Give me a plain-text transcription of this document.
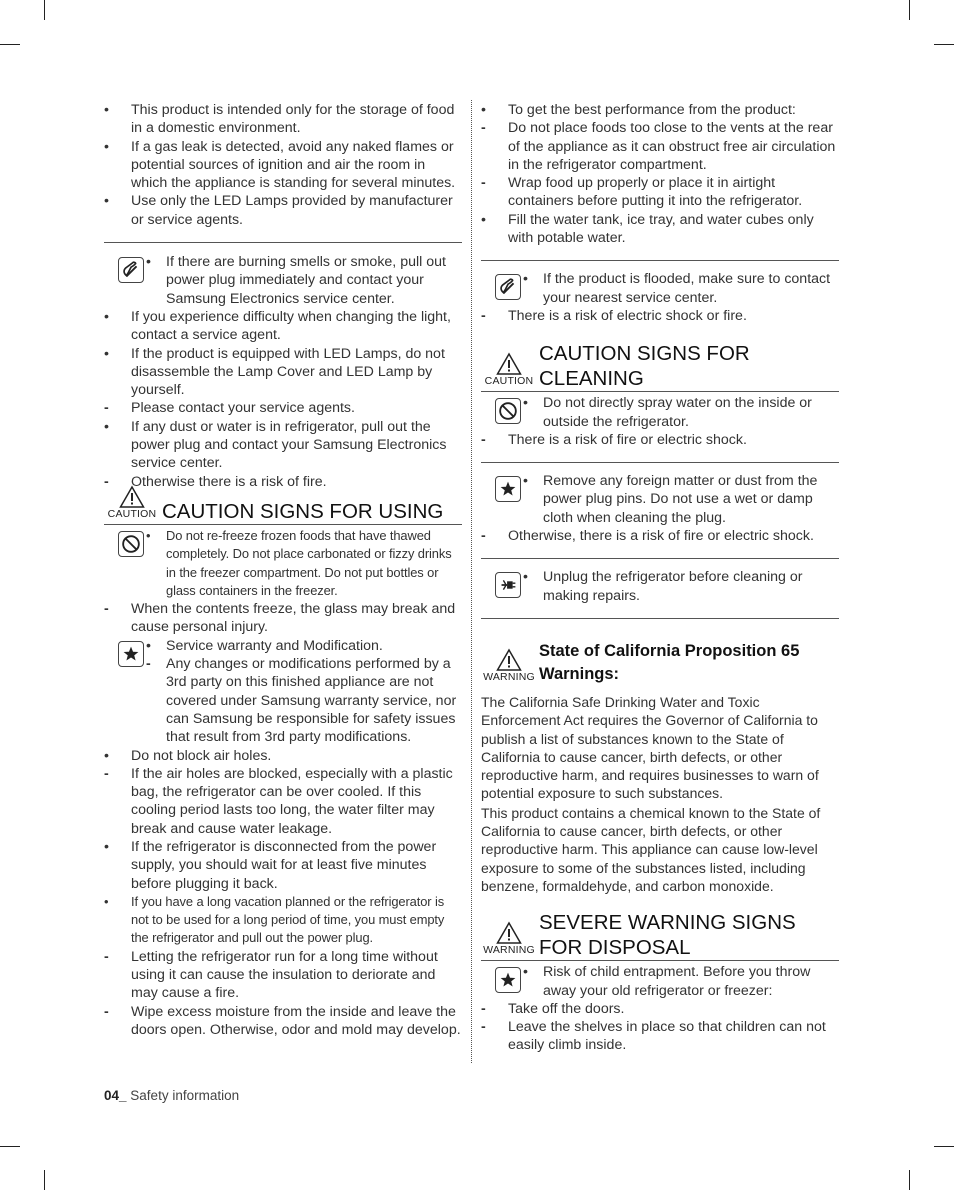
•	This product is intended only for the storage of food in a domestic environment.
•	If a gas leak is detected, avoid any naked flames or potential sources of ignition and air the room in which the appliance is standing for several minutes.
•	Use only the LED Lamps provided by manufacturer or service agents.
•	If there are burning smells or smoke, pull out power plug immediately and contact your Samsung Electronics service center.
•	If you experience difficulty when changing the light, contact a service agent.
•	If the product is equipped with LED Lamps, do not disassemble the Lamp Cover and LED Lamp by yourself.
-	Please contact your service agents.
•	If any dust or water is in refrigerator, pull out the power plug and contact your Samsung Electronics service center.
-	Otherwise there is a risk of fire.
CAUTION CAUTION SIGNS FOR USING
•	Do not re-freeze frozen foods that have thawed completely. Do not place carbonated or fizzy drinks in the freezer compartment. Do not put bottles or glass containers in the freezer.
-	When the contents freeze, the glass may break and cause personal injury.
•	Service warranty and Modification.
-	Any changes or modifications performed by a 3rd party on this finished appliance are not covered under Samsung warranty service, nor can Samsung be responsible for safety issues that result from 3rd party modifications.
•	Do not block air holes.
-	If the air holes are blocked, especially with a plastic bag, the refrigerator can be over cooled. If this cooling period lasts too long, the water filter may break and cause water leakage.
•	If the refrigerator is disconnected from the power supply, you should wait for at least five minutes before plugging it back.
•	If you have a long vacation planned or the refrigerator is not to be used for a long period of time, you must empty the refrigerator and pull out the power plug.
-	Letting the refrigerator run for a long time without using it can cause the insulation to deriorate and may cause a fire.
-	Wipe excess moisture from the inside and leave the doors open. Otherwise, odor and mold may develop.
•	To get the best performance from the product:
-	Do not place foods too close to the vents at the rear of the appliance as it can obstruct free air circulation in the refrigerator compartment.
-	Wrap food up properly or place it in airtight containers before putting it into the refrigerator.
•	Fill the water tank, ice tray, and water cubes only with potable water.
•	If the product is flooded, make sure to contact your nearest service center.
-	There is a risk of electric shock or fire.
CAUTION
CAUTION SIGNS FOR
CLEANING
•	Do not directly spray water on the inside or outside the refrigerator.
-	There is a risk of fire or electric shock.
•	Remove any foreign matter or dust from the power plug pins. Do not use a wet or damp cloth when cleaning the plug.
-	Otherwise, there is a risk of fire or electric shock.
•	Unplug the refrigerator before cleaning or making repairs.
WARNING
State of California Proposition 65
Warnings:

The California Safe Drinking Water and Toxic Enforcement Act requires the Governor of California to publish a list of substances known to the State of California to cause cancer, birth defects, or other reproductive harm, and requires businesses to warn of potential exposure to such substances.

This product contains a chemical known to the State of California to cause cancer, birth defects, or other reproductive harm. This appliance can cause low-level exposure to some of the substances listed, including benzene, formaldehyde, and carbon monoxide.

WARNING
SEVERE WARNING SIGNS
FOR DISPOSAL
•	Risk of child entrapment. Before you throw away your old refrigerator or freezer:
-	Take off the doors.
-	Leave the shelves in place so that children can not easily climb inside.
04_ Safety information
